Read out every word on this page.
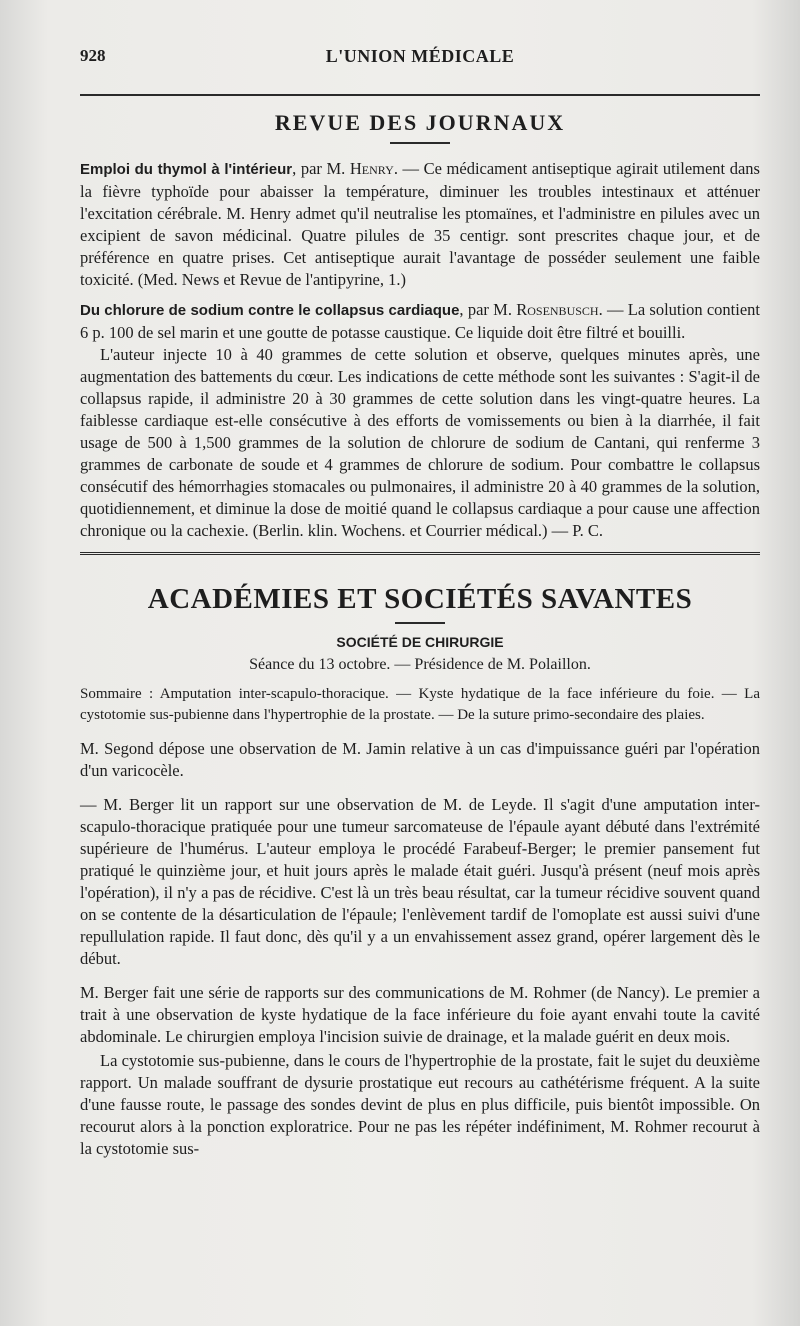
928	L'UNION MÉDICALE
REVUE DES JOURNAUX

Emploi du thymol à l'intérieur, par M. Henry. — Ce médicament antiseptique agirait utilement dans la fièvre typhoïde pour abaisser la température, diminuer les troubles intestinaux et atténuer l'excitation cérébrale. M. Henry admet qu'il neutralise les ptomaïnes, et l'administre en pilules avec un excipient de savon médicinal. Quatre pilules de 35 centigr. sont prescrites chaque jour, et de préférence en quatre prises. Cet antiseptique aurait l'avantage de posséder seulement une faible toxicité. (Med. News et Revue de l'antipyrine, 1.)

Du chlorure de sodium contre le collapsus cardiaque, par M. Rosenbusch. — La solution contient 6 p. 100 de sel marin et une goutte de potasse caustique. Ce liquide doit être filtré et bouilli.

L'auteur injecte 10 à 40 grammes de cette solution et observe, quelques minutes après, une augmentation des battements du cœur. Les indications de cette méthode sont les suivantes : S'agit-il de collapsus rapide, il administre 20 à 30 grammes de cette solution dans les vingt-quatre heures. La faiblesse cardiaque est-elle consécutive à des efforts de vomissements ou bien à la diarrhée, il fait usage de 500 à 1,500 grammes de la solution de chlorure de sodium de Cantani, qui renferme 3 grammes de carbonate de soude et 4 grammes de chlorure de sodium. Pour combattre le collapsus consécutif des hémorrhagies stomacales ou pulmonaires, il administre 20 à 40 grammes de la solution, quotidiennement, et diminue la dose de moitié quand le collapsus cardiaque a pour cause une affection chronique ou la cachexie. (Berlin. klin. Wochens. et Courrier médical.) — P. C.

ACADÉMIES ET SOCIÉTÉS SAVANTES
SOCIÉTÉ DE CHIRURGIE
Séance du 13 octobre. — Présidence de M. Polaillon.

Sommaire : Amputation inter-scapulo-thoracique. — Kyste hydatique de la face inférieure du foie. — La cystotomie sus-pubienne dans l'hypertrophie de la prostate. — De la suture primo-secondaire des plaies.

M. Segond dépose une observation de M. Jamin relative à un cas d'impuissance guéri par l'opération d'un varicocèle.

— M. Berger lit un rapport sur une observation de M. de Leyde. Il s'agit d'une amputation inter-scapulo-thoracique pratiquée pour une tumeur sarcomateuse de l'épaule ayant débuté dans l'extrémité supérieure de l'humérus. L'auteur employa le procédé Farabeuf-Berger; le premier pansement fut pratiqué le quinzième jour, et huit jours après le malade était guéri. Jusqu'à présent (neuf mois après l'opération), il n'y a pas de récidive. C'est là un très beau résultat, car la tumeur récidive souvent quand on se contente de la désarticulation de l'épaule; l'enlèvement tardif de l'omoplate est aussi suivi d'une repullulation rapide. Il faut donc, dès qu'il y a un envahissement assez grand, opérer largement dès le début.

M. Berger fait une série de rapports sur des communications de M. Rohmer (de Nancy). Le premier a trait à une observation de kyste hydatique de la face inférieure du foie ayant envahi toute la cavité abdominale. Le chirurgien employa l'incision suivie de drainage, et la malade guérit en deux mois.

La cystotomie sus-pubienne, dans le cours de l'hypertrophie de la prostate, fait le sujet du deuxième rapport. Un malade souffrant de dysurie prostatique eut recours au cathétérisme fréquent. A la suite d'une fausse route, le passage des sondes devint de plus en plus difficile, puis bientôt impossible. On recourut alors à la ponction exploratrice. Pour ne pas les répéter indéfiniment, M. Rohmer recourut à la cystotomie sus-
